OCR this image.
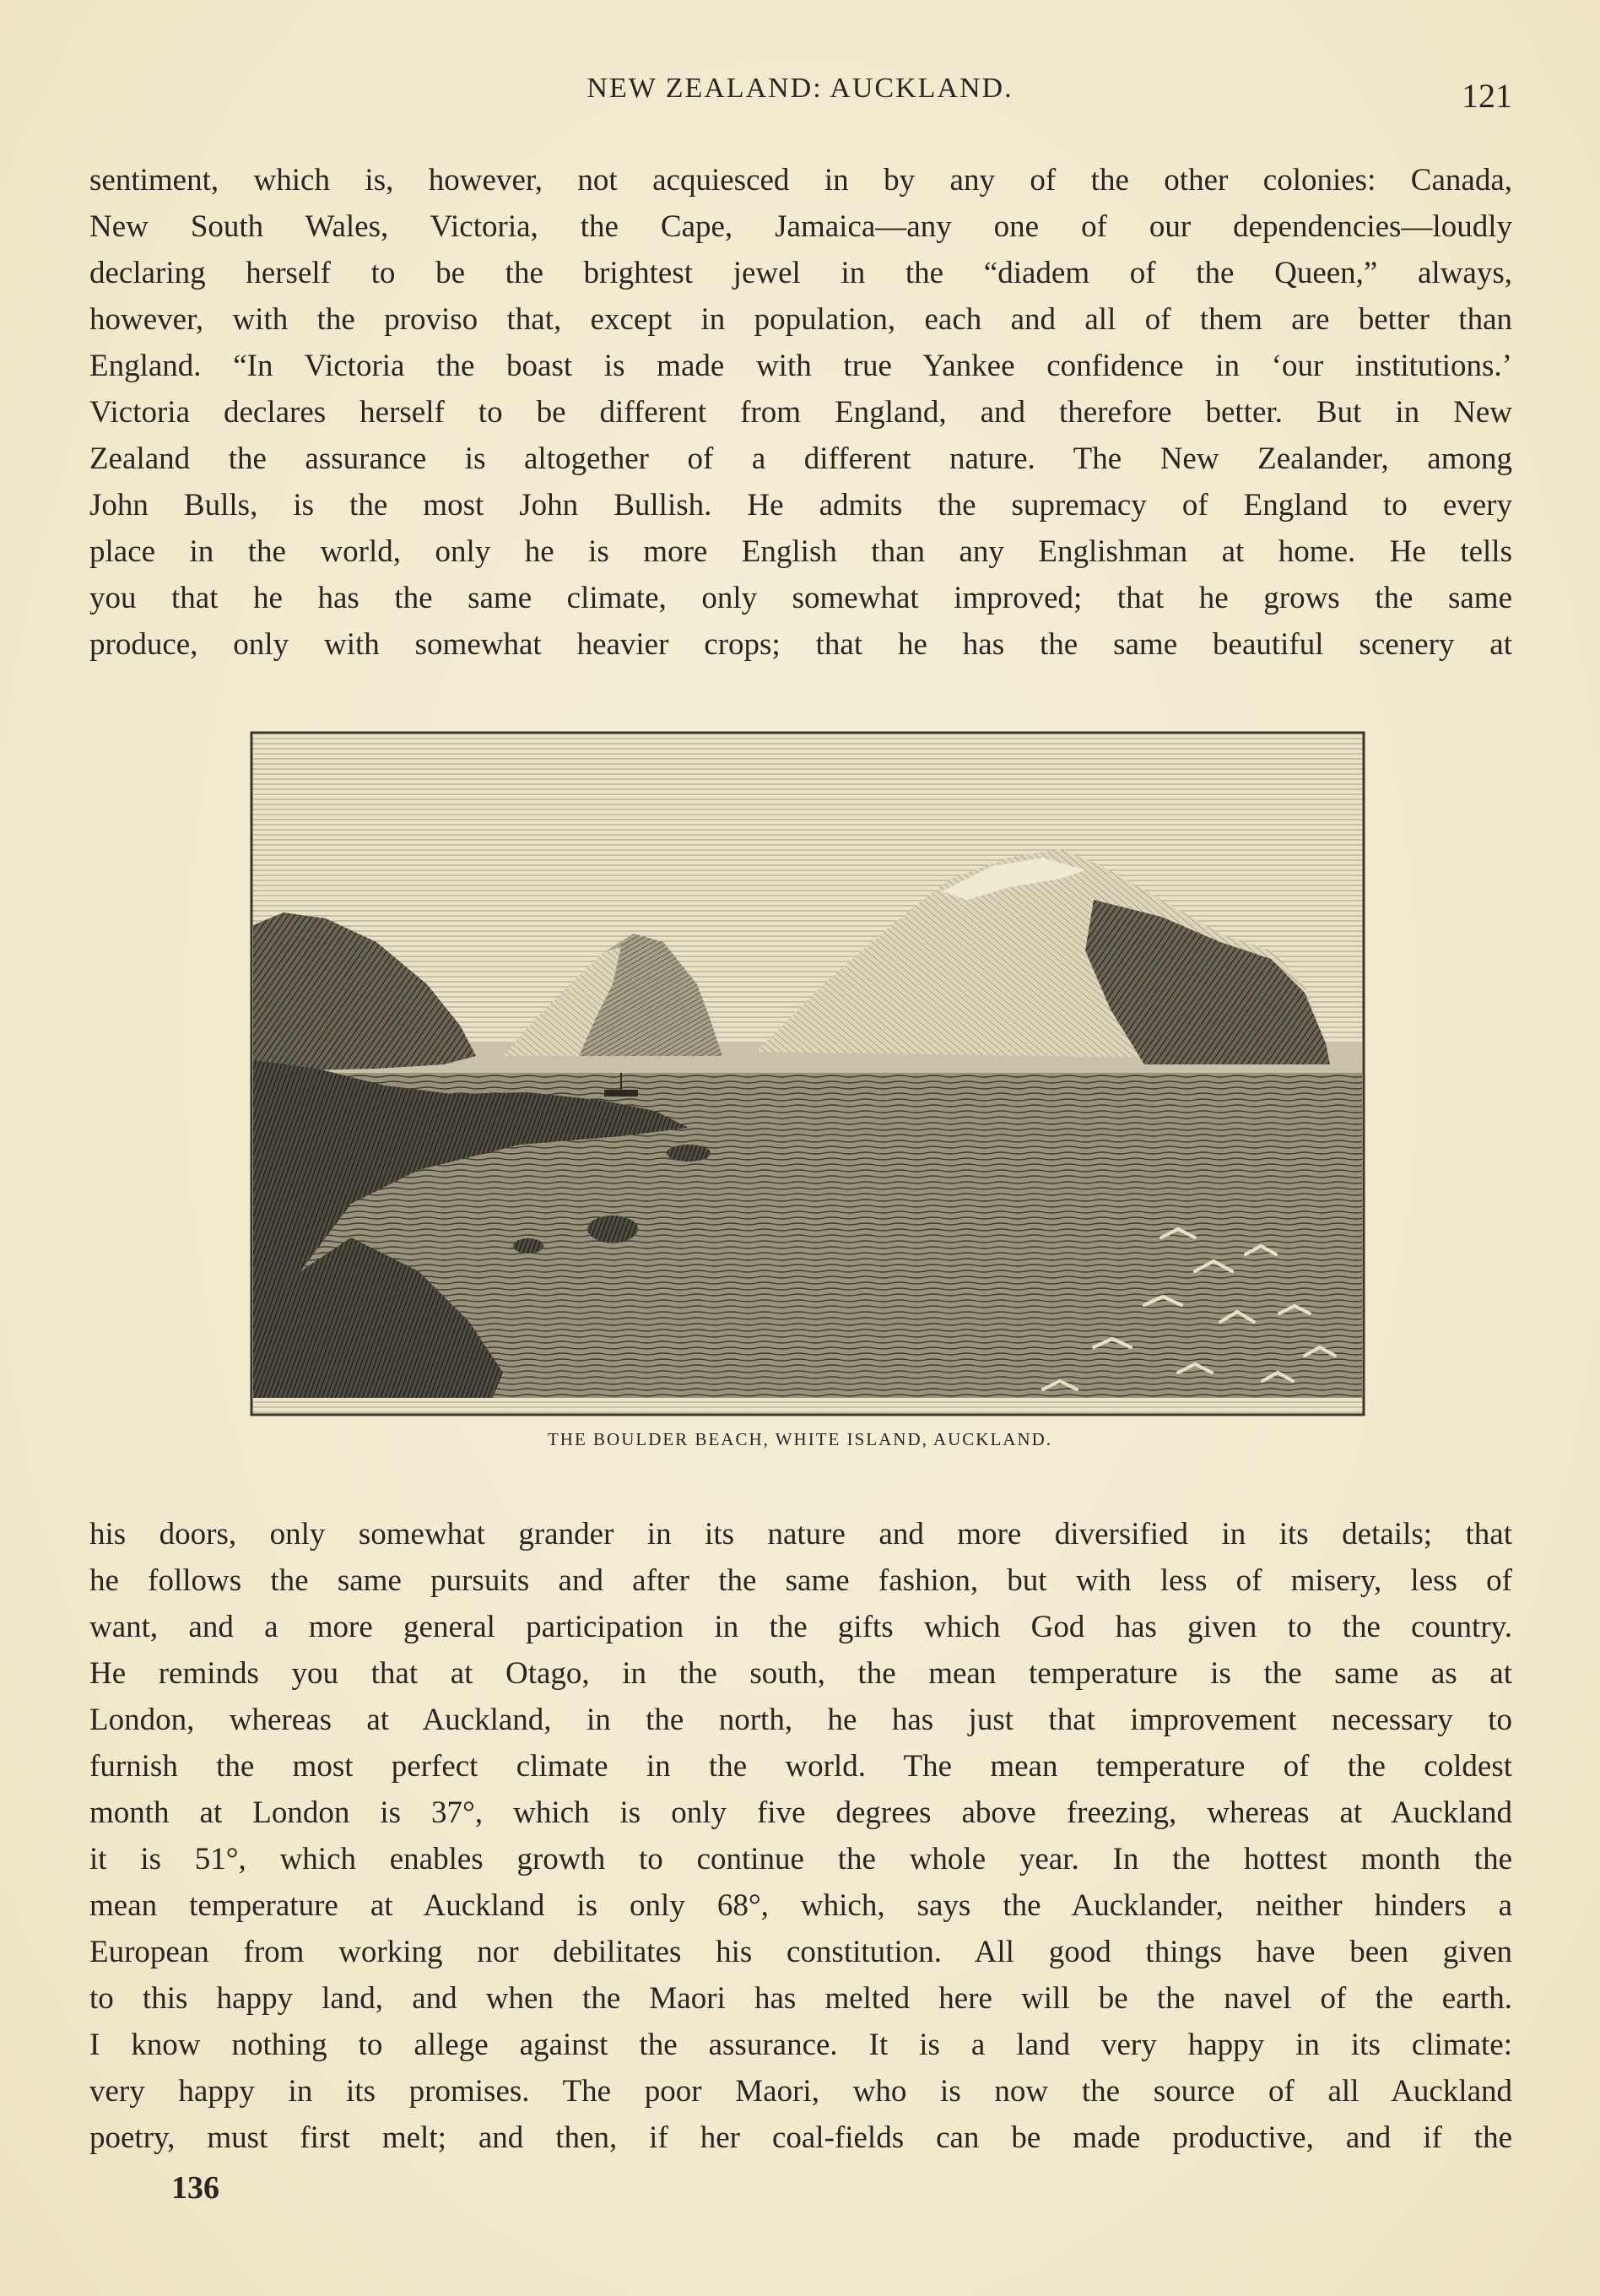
NEW ZEALAND: AUCKLAND.	121
sentiment, which is, however, not acquiesced in by any of the other colonies: Canada,
New South Wales, Victoria, the Cape, Jamaica—any one of our dependencies—loudly
declaring herself to be the brightest jewel in the “diadem of the Queen,” always,
however, with the proviso that, except in population, each and all of them are better than
England. “In Victoria the boast is made with true Yankee confidence in ‘our institutions.’
Victoria declares herself to be different from England, and therefore better. But in New
Zealand the assurance is altogether of a different nature. The New Zealander, among
John Bulls, is the most John Bullish. He admits the supremacy of England to every
place in the world, only he is more English than any Englishman at home. He tells
you that he has the same climate, only somewhat improved; that he grows the same
produce, only with somewhat heavier crops; that he has the same beautiful scenery at
THE BOULDER BEACH, WHITE ISLAND, AUCKLAND.
his doors, only somewhat grander in its nature and more diversified in its details; that
he follows the same pursuits and after the same fashion, but with less of misery, less of
want, and a more general participation in the gifts which God has given to the country.
He reminds you that at Otago, in the south, the mean temperature is the same as at
London, whereas at Auckland, in the north, he has just that improvement necessary to
furnish the most perfect climate in the world. The mean temperature of the coldest
month at London is 37°, which is only five degrees above freezing, whereas at Auckland
it is 51°, which enables growth to continue the whole year. In the hottest month the
mean temperature at Auckland is only 68°, which, says the Aucklander, neither hinders a
European from working nor debilitates his constitution. All good things have been given
to this happy land, and when the Maori has melted here will be the navel of the earth.
I know nothing to allege against the assurance. It is a land very happy in its climate:
very happy in its promises. The poor Maori, who is now the source of all Auckland
poetry, must first melt; and then, if her coal-fields can be made productive, and if the
136
